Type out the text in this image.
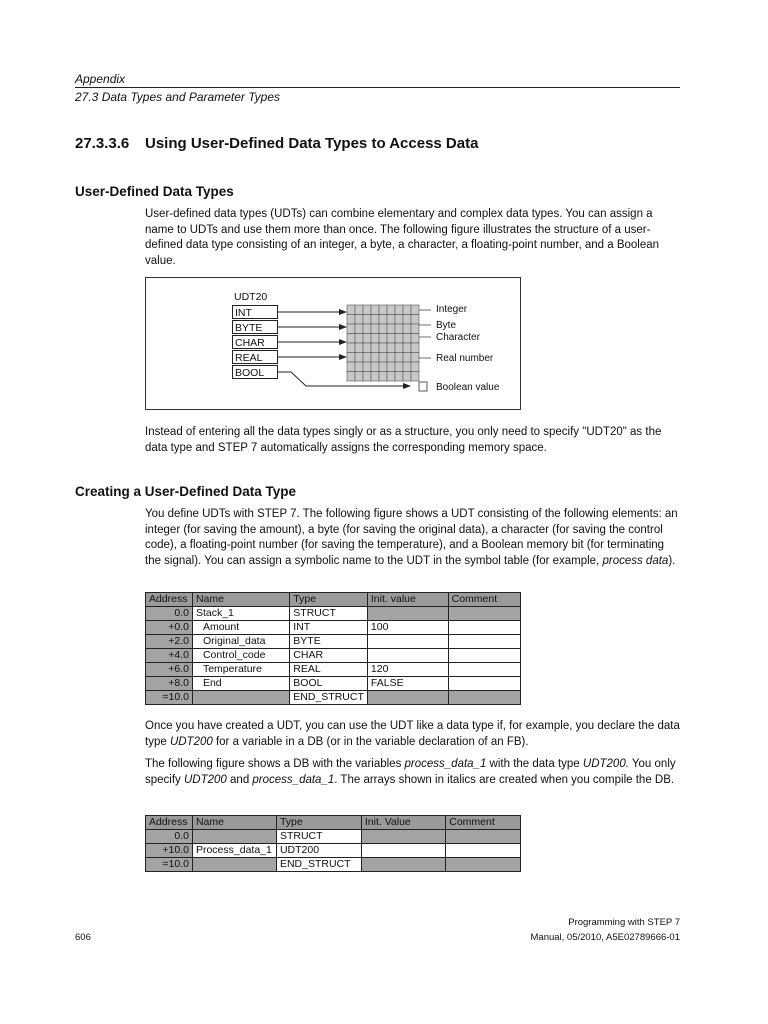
Appendix
27.3 Data Types and Parameter Types
27.3.3.6 Using User-Defined Data Types to Access Data
User-Defined Data Types
User-defined data types (UDTs) can combine elementary and complex data types. You can assign a name to UDTs and use them more than once. The following figure illustrates the structure of a user-defined data type consisting of an integer, a byte, a character, a floating-point number, and a Boolean value.
UDT20
INT
BYTE
CHAR
REAL
BOOL
Integer
Byte
Character
Real number
Boolean value
Instead of entering all the data types singly or as a structure, you only need to specify "UDT20" as the data type and STEP 7 automatically assigns the corresponding memory space.
Creating a User-Defined Data Type
You define UDTs with STEP 7. The following figure shows a UDT consisting of the following elements: an integer (for saving the amount), a byte (for saving the original data), a character (for saving the control code), a floating-point number (for saving the temperature), and a Boolean memory bit (for terminating the signal). You can assign a symbolic name to the UDT in the symbol table (for example, process data).
Address	Name	Type	Init. value	Comment
0.0	Stack_1	STRUCT		
+0.0	Amount	INT	100	
+2.0	Original_data	BYTE		
+4.0	Control_code	CHAR		
+6.0	Temperature	REAL	120	
+8.0	End	BOOL	FALSE	
=10.0		END_STRUCT		
Once you have created a UDT, you can use the UDT like a data type if, for example, you declare the data type UDT200 for a variable in a DB (or in the variable declaration of an FB).
The following figure shows a DB with the variables process_data_1 with the data type UDT200. You only specify UDT200 and process_data_1. The arrays shown in italics are created when you compile the DB.
Address	Name	Type	Init. Value	Comment
0.0		STRUCT		
+10.0	Process_data_1	UDT200		
=10.0		END_STRUCT		
Programming with STEP 7
606	Manual, 05/2010, A5E02789666-01
